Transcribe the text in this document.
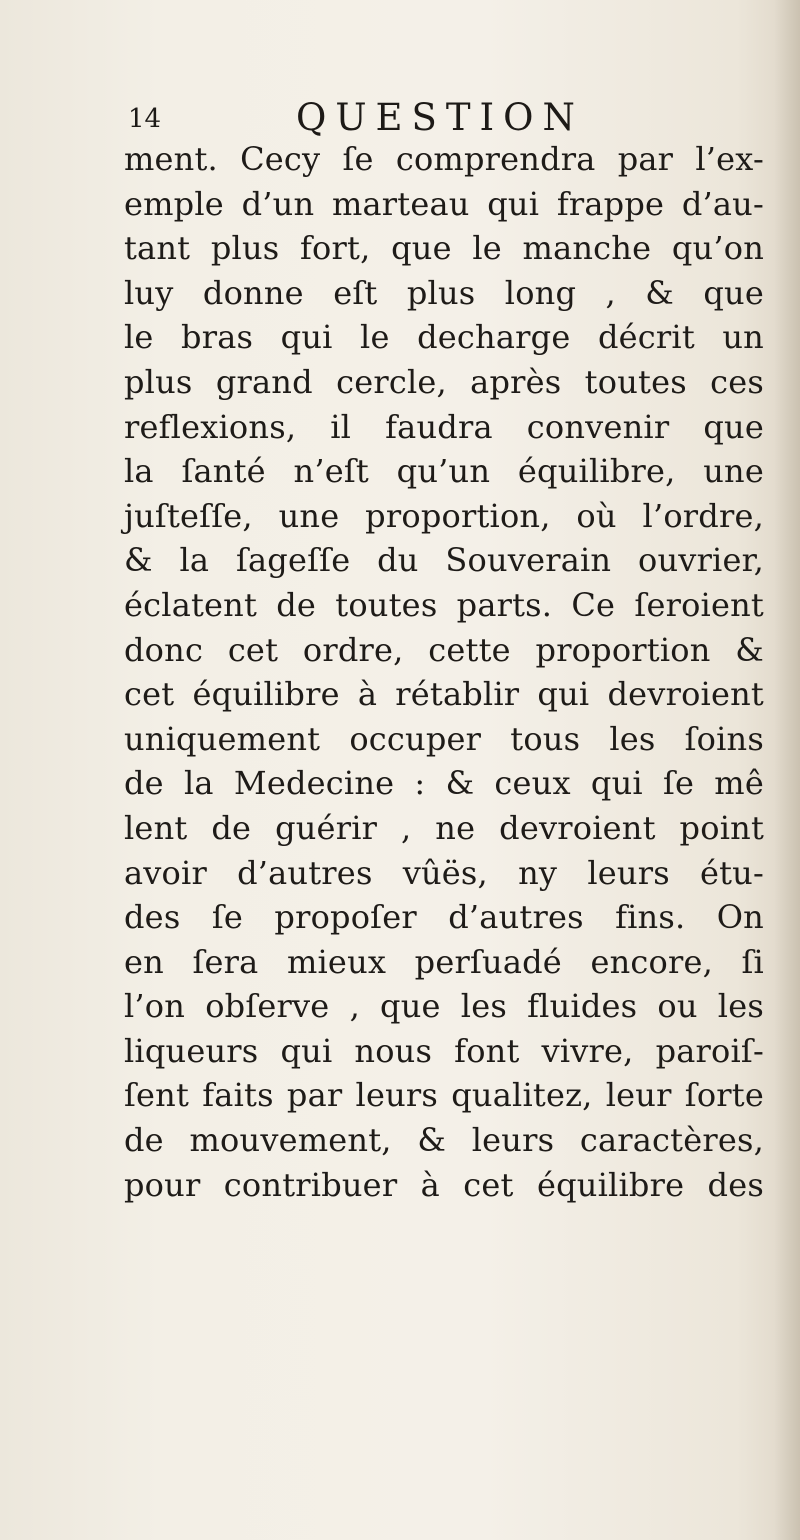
14	QUESTION
ment. Cecy ſe comprendra par l’ex-
emple d’un marteau qui frappe d’au-
tant plus fort, que le manche qu’on
luy donne eſt plus long , & que
le bras qui le decharge décrit un
plus grand cercle, après toutes ces
reflexions, il faudra convenir que
la ſanté n’eſt qu’un équilibre, une
juſteſſe, une proportion, où l’ordre,
& la ſageſſe du Souverain ouvrier,
éclatent de toutes parts. Ce ſeroient
donc cet ordre, cette proportion &
cet équilibre à rétablir qui devroient
uniquement occuper tous les ſoins
de la Medecine : & ceux qui ſe mê
lent de guérir , ne devroient point
avoir d’autres vûës, ny leurs étu-
des ſe propoſer d’autres fins. On
en ſera mieux perſuadé encore, ſi
l’on obſerve , que les fluides ou les
liqueurs qui nous font vivre, paroiſ-
ſent faits par leurs qualitez, leur ſorte
de mouvement, & leurs caractères,
pour contribuer à cet équilibre des
